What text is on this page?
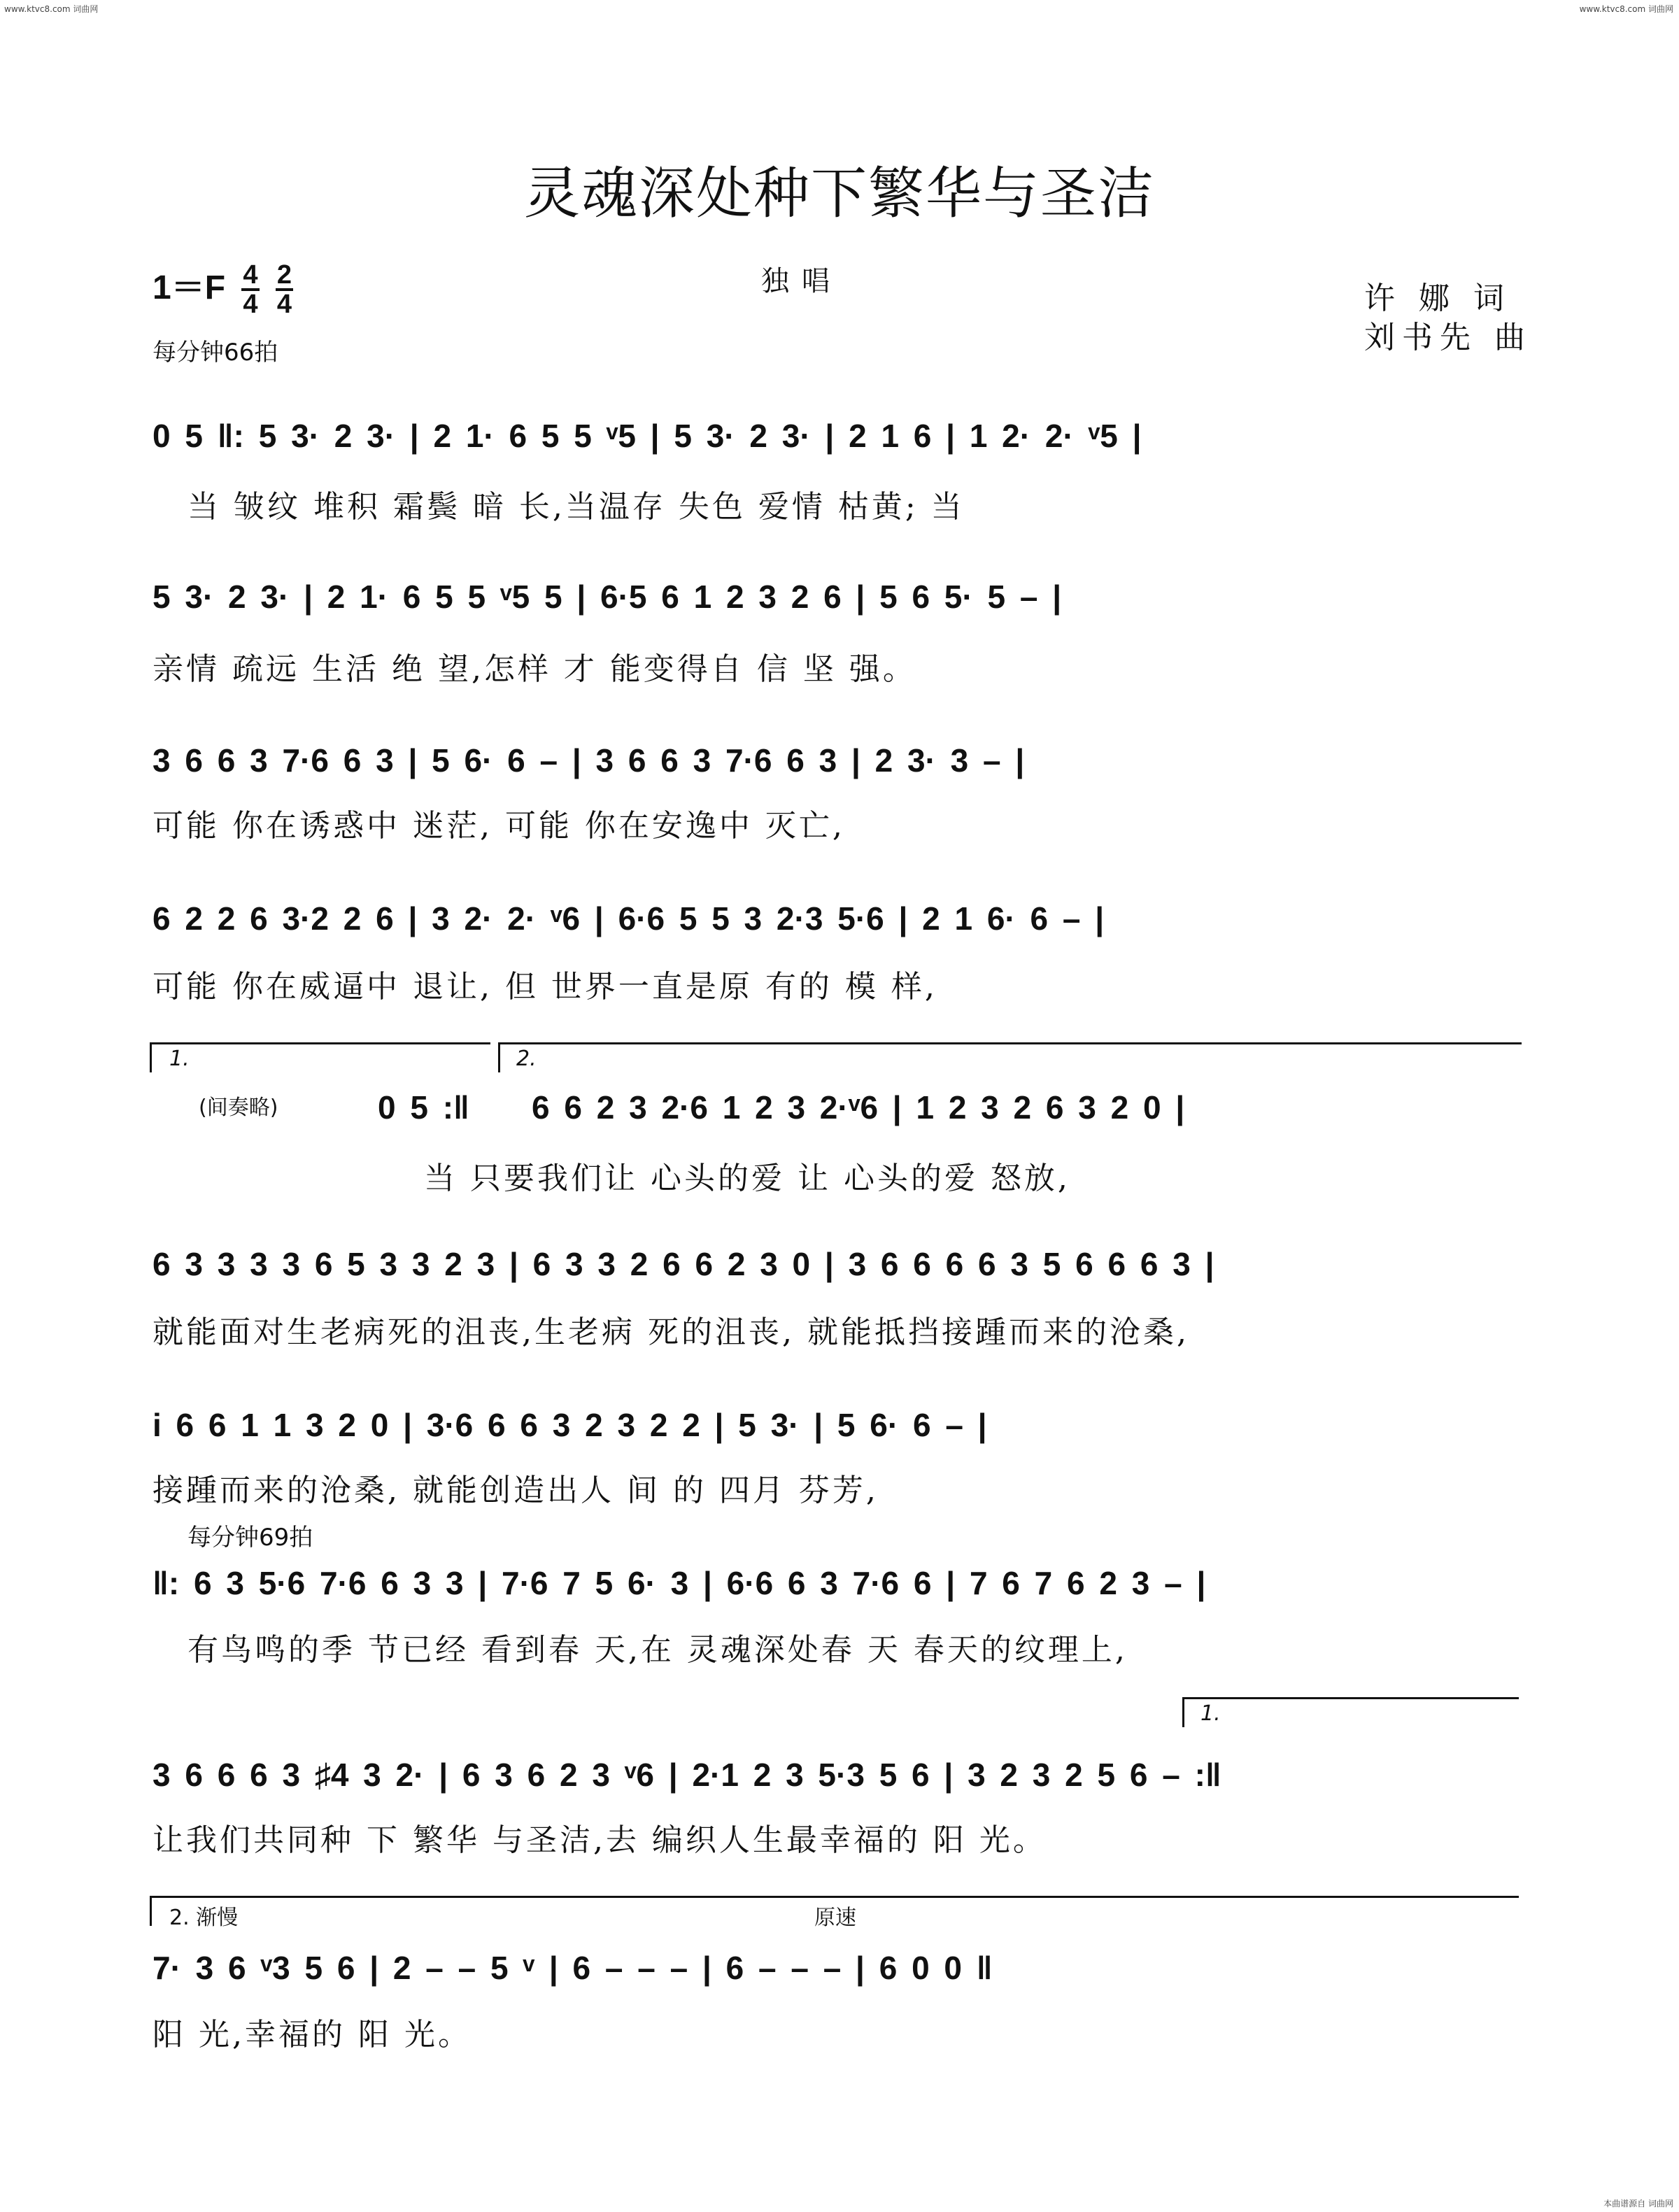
www.ktvc8.com 词曲网	www.ktvc8.com 词曲网
本曲谱源自 词曲网
灵魂深处种下繁华与圣洁
$1=F \frac{4}{4}$
$\frac{2}{4}$	独唱	许 娜 词
刘书先 曲
每分钟66拍
0 5 ‖: 5 3· 2 3· | 2 1· 6 5 5 ᵛ5 | 5 3· 2 3· | 2 1 6 | 1 2· 2· ᵛ5 |
当 皱纹 堆积 霜鬓 暗 长,当温存 失色 爱情 枯黄; 当
5 3· 2 3· | 2 1· 6 5 5 ᵛ5 5 | 6·5 6 1 2 3 2 6 | 5 6 5· 5 – |
亲情 疏远 生活 绝 望,怎样 才 能变得自 信 坚 强。
3 6 6 3 7·6 6 3 | 5 6· 6 – | 3 6 6 3 7·6 6 3 | 2 3· 3 – |
可能 你在诱惑中 迷茫, 可能 你在安逸中 灭亡,
6 2 2 6 3·2 2 6 | 3 2· 2· ᵛ6 | 6·6 5 5 3 2·3 5·6 | 2 1 6· 6 – |
可能 你在威逼中 退让, 但 世界一直是原 有的 模 样,
1.	2.
(间奏略)	0 5 :‖ 6 6 2 3 2·6 1 2 3 2·ᵛ6 | 1 2 3 2 6 3 2 0 |
当 只要我们让 心头的爱 让 心头的爱 怒放,
6 3 3 3 3 6 5 3 3 2 3 | 6 3 3 2 6 6 2 3 0 | 3 6 6 6 6 3 5 6 6 6 3 |
就能面对生老病死的沮丧,生老病 死的沮丧, 就能抵挡接踵而来的沧桑,
i 6 6 1 1 3 2 0 | 3·6 6 6 3 2 3 2 2 | 5 3· | 5 6· 6 – |
接踵而来的沧桑, 就能创造出人 间 的 四月 芬芳,
每分钟69拍
‖: 6 3 5·6 7·6 6 3 3 | 7·6 7 5 6· 3 | 6·6 6 3 7·6 6 | 7 6 7 6 2 3 – |
有鸟鸣的季 节已经 看到春 天,在 灵魂深处春 天 春天的纹理上,
1.
3 6 6 6 3 ♯4 3 2· | 6 3 6 2 3 ᵛ6 | 2·1 2 3 5·3 5 6 | 3 2 3 2 5 6 – :‖
让我们共同种 下 繁华 与圣洁,去 编织人生最幸福的 阳 光。
2. 渐慢	原速
7· 3 6 ᵛ3 5 6 | 2 – – 5 ᵛ | 6 – – – | 6 – – – | 6 0 0 ‖
阳 光,幸福的 阳 光。
